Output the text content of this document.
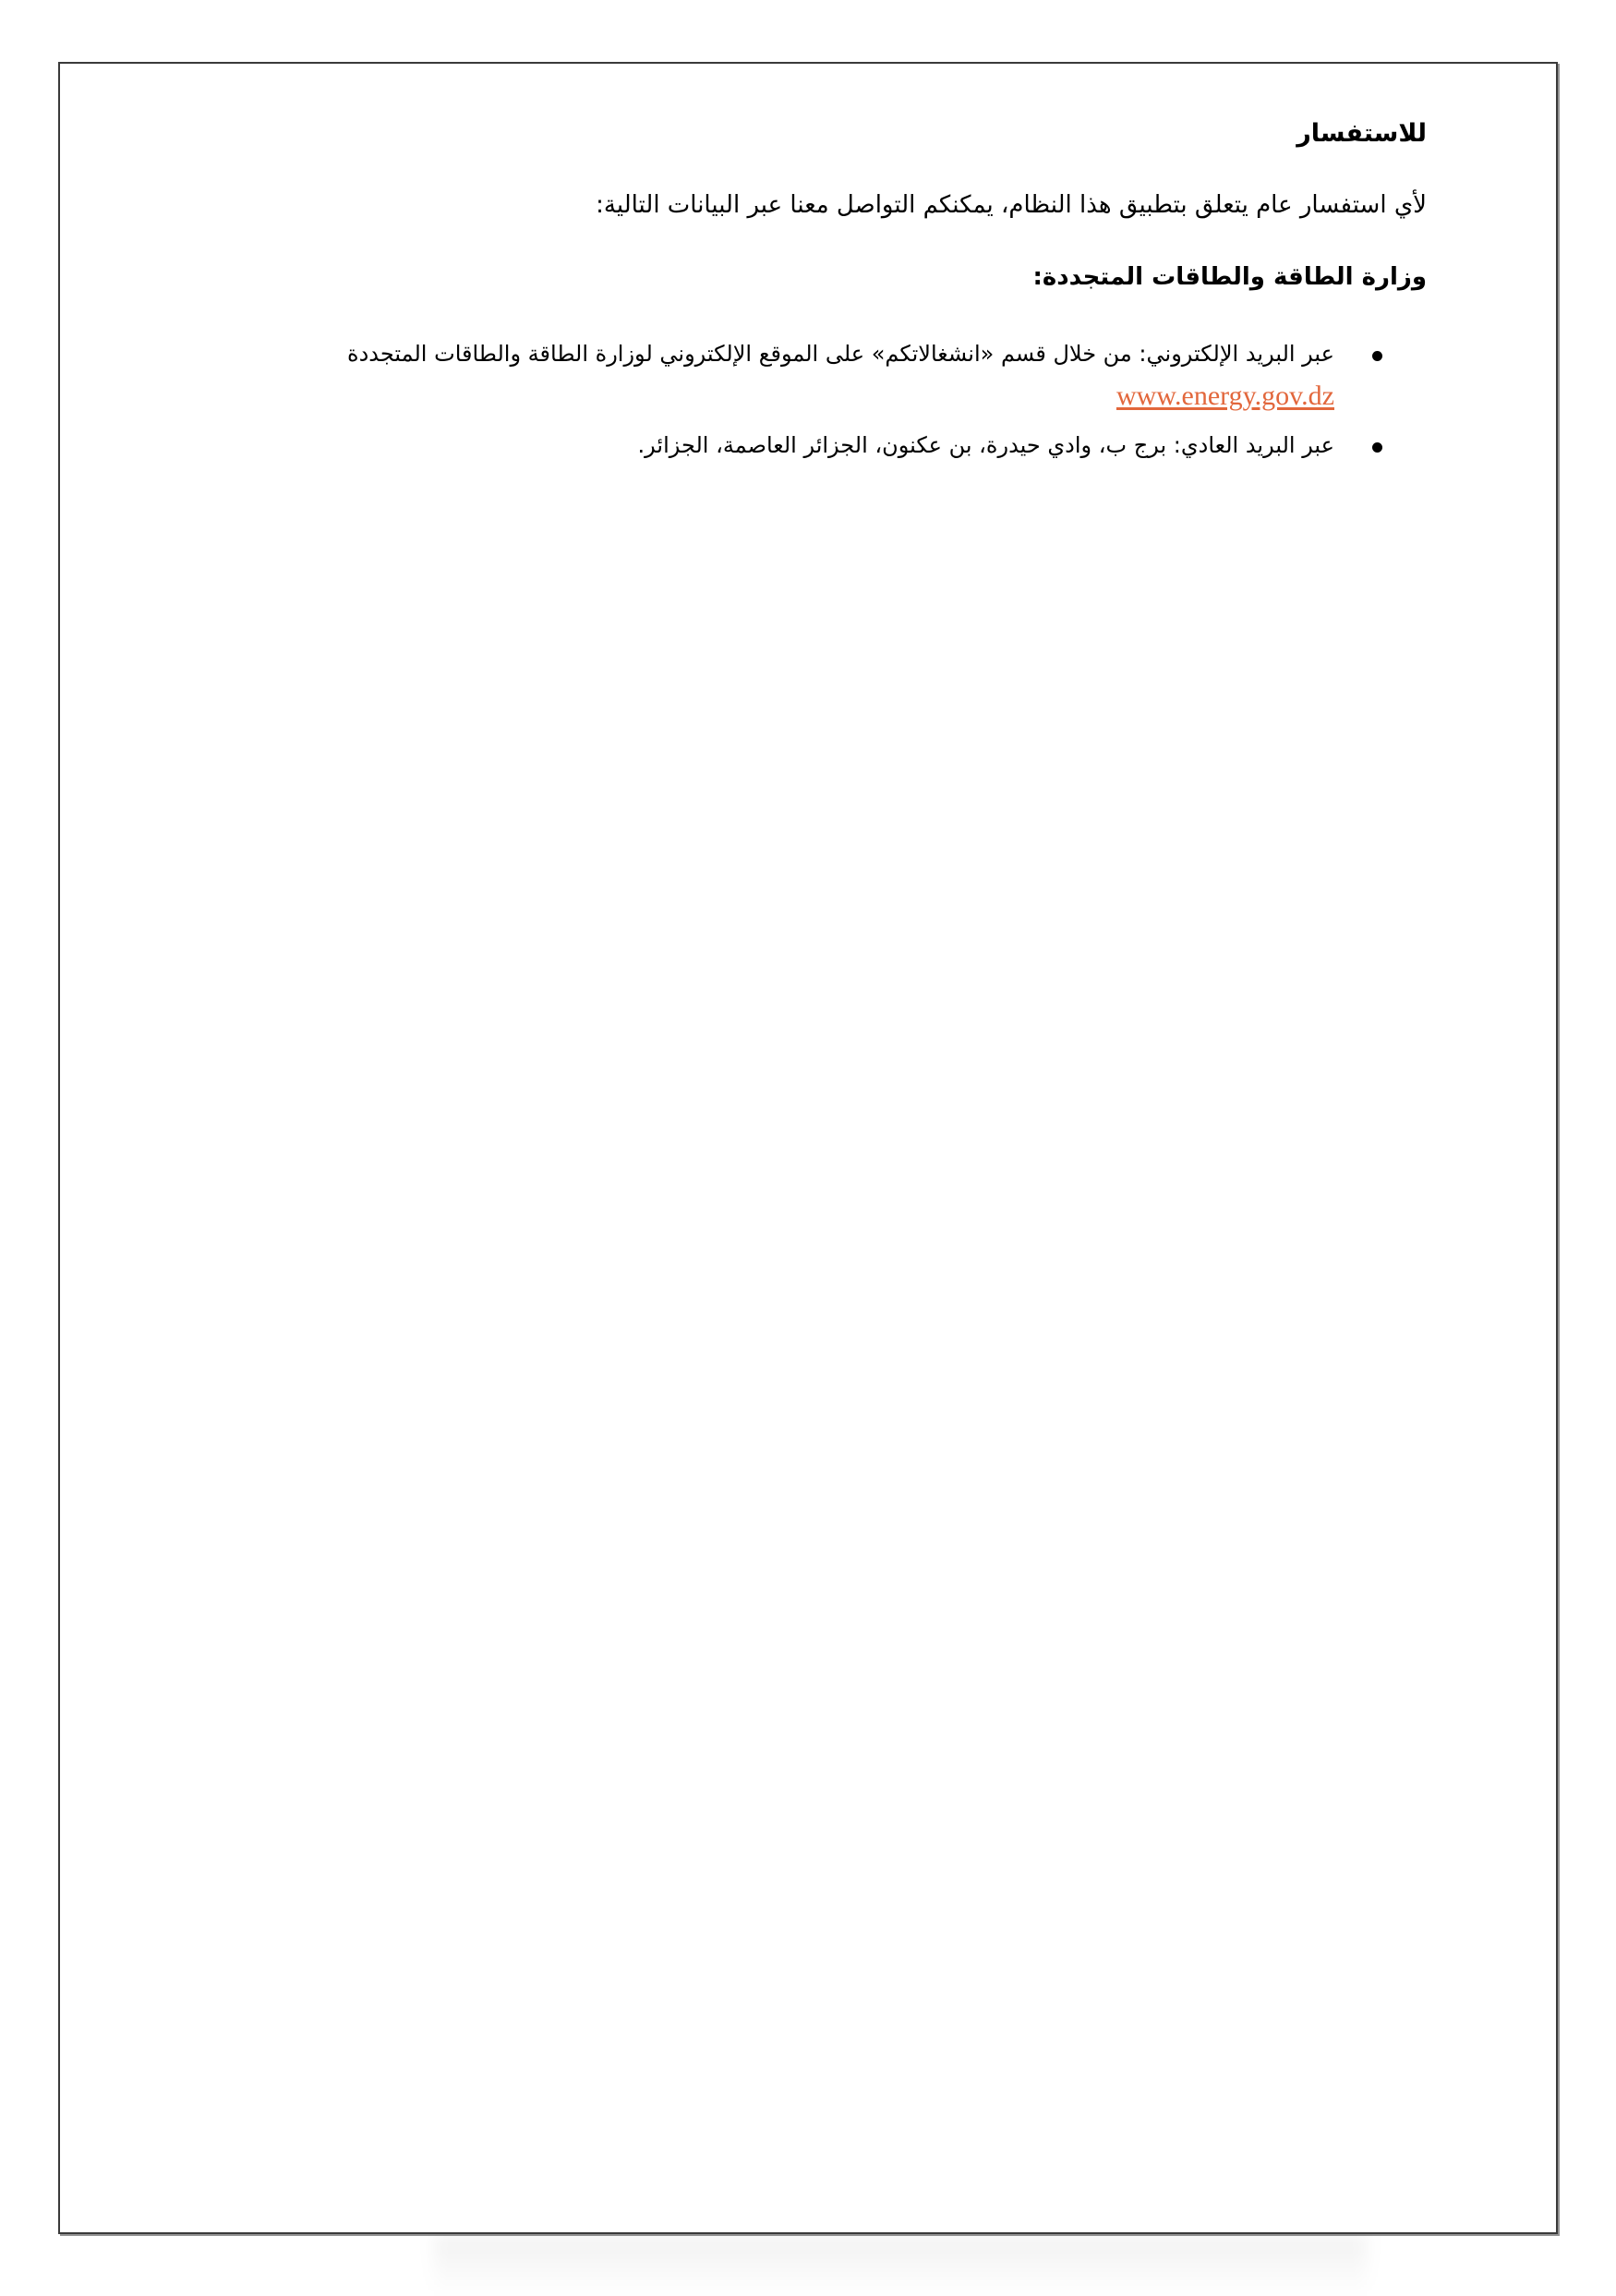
للاستفسار

لأي استفسار عام يتعلق بتطبيق هذا النظام، يمكنكم التواصل معنا عبر البيانات التالية:

وزارة الطاقة والطاقات المتجددة:
عبر البريد الإلكتروني: من خلال قسم «انشغالاتكم» على الموقع الإلكتروني لوزارة الطاقة والطاقات المتجددة
www.energy.gov.dz
عبر البريد العادي: برج ب، وادي حيدرة، بن عكنون، الجزائر العاصمة، الجزائر.
